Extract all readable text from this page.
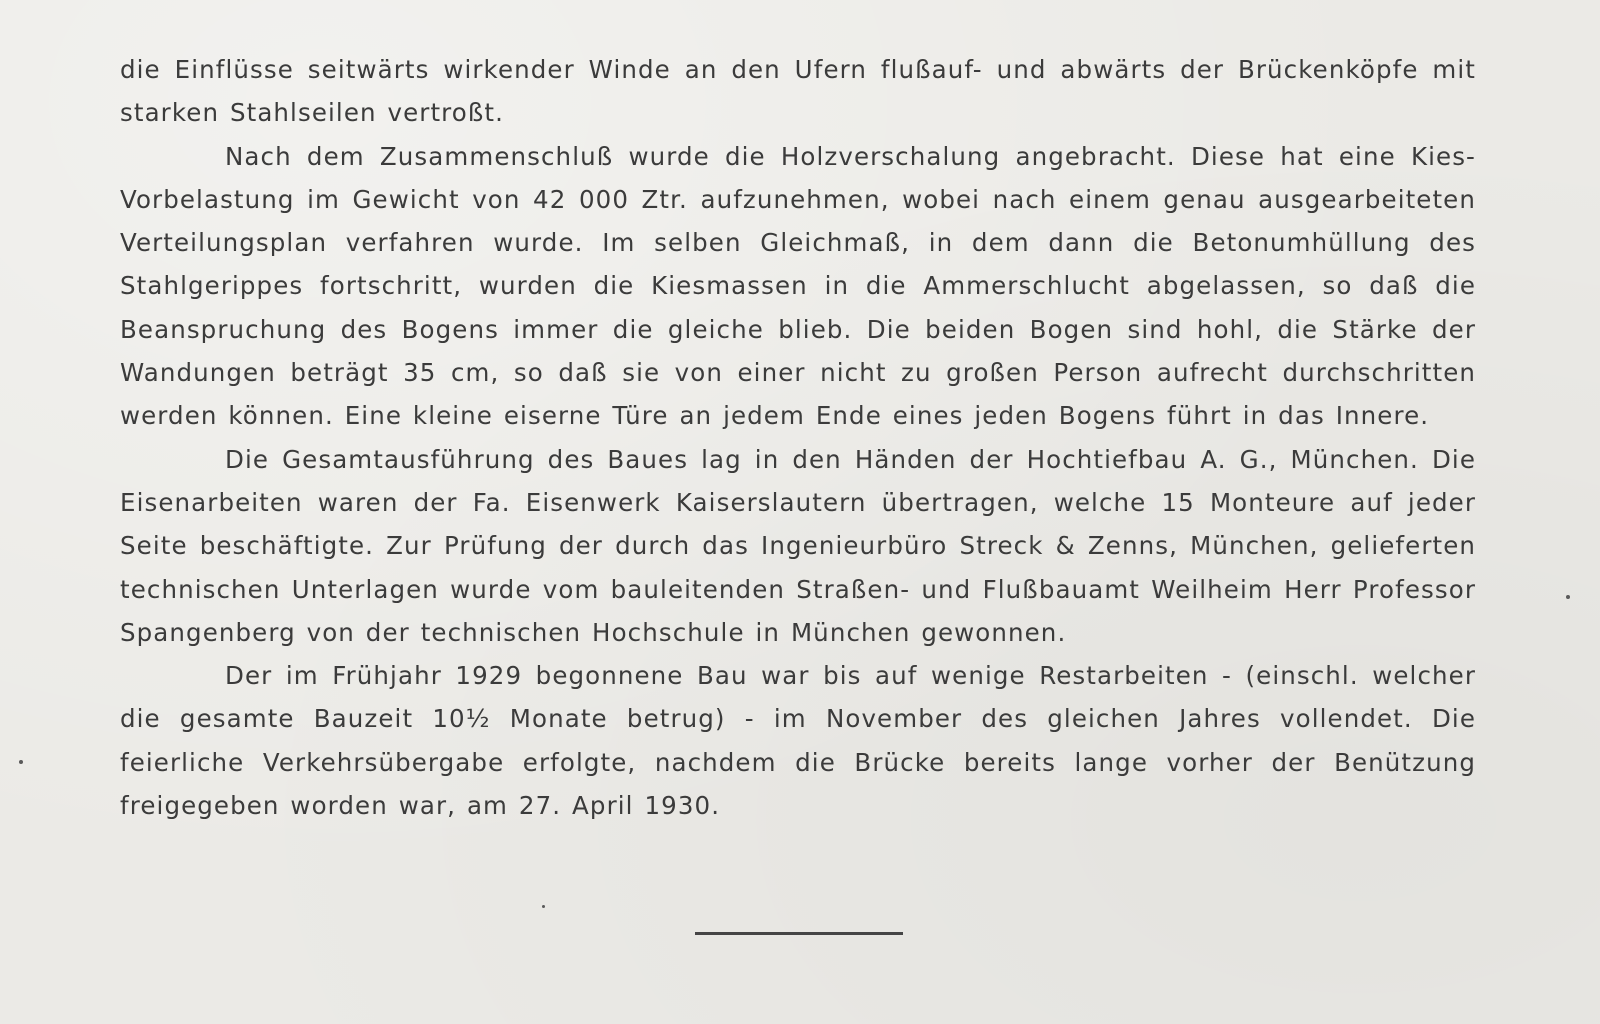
die Einflüsse seitwärts wirkender Winde an den Ufern flußauf- und abwärts der Brückenköpfe mit starken Stahlseilen vertroßt.

Nach dem Zusammenschluß wurde die Holzverschalung angebracht. Diese hat eine Kies-Vorbelastung im Gewicht von 42 000 Ztr. aufzunehmen, wobei nach einem genau ausgearbeiteten Verteilungsplan verfahren wurde. Im selben Gleichmaß, in dem dann die Betonumhüllung des Stahlgerippes fortschritt, wurden die Kiesmassen in die Ammerschlucht abgelassen, so daß die Beanspruchung des Bogens immer die gleiche blieb. Die beiden Bogen sind hohl, die Stärke der Wandungen beträgt 35 cm, so daß sie von einer nicht zu großen Person aufrecht durchschritten werden können. Eine kleine eiserne Türe an jedem Ende eines jeden Bogens führt in das Innere.

Die Gesamtausführung des Baues lag in den Händen der Hochtiefbau A. G., München. Die Eisenarbeiten waren der Fa. Eisenwerk Kaiserslautern übertragen, welche 15 Monteure auf jeder Seite beschäftigte. Zur Prüfung der durch das Ingenieurbüro Streck & Zenns, München, gelieferten technischen Unterlagen wurde vom bauleitenden Straßen- und Flußbauamt Weilheim Herr Professor Spangenberg von der technischen Hochschule in München gewonnen.

Der im Frühjahr 1929 begonnene Bau war bis auf wenige Restarbeiten - (einschl. welcher die gesamte Bauzeit 10½ Monate betrug) - im November des gleichen Jahres vollendet. Die feierliche Verkehrsübergabe erfolgte, nachdem die Brücke bereits lange vorher der Benützung freigegeben worden war, am 27. April 1930.
